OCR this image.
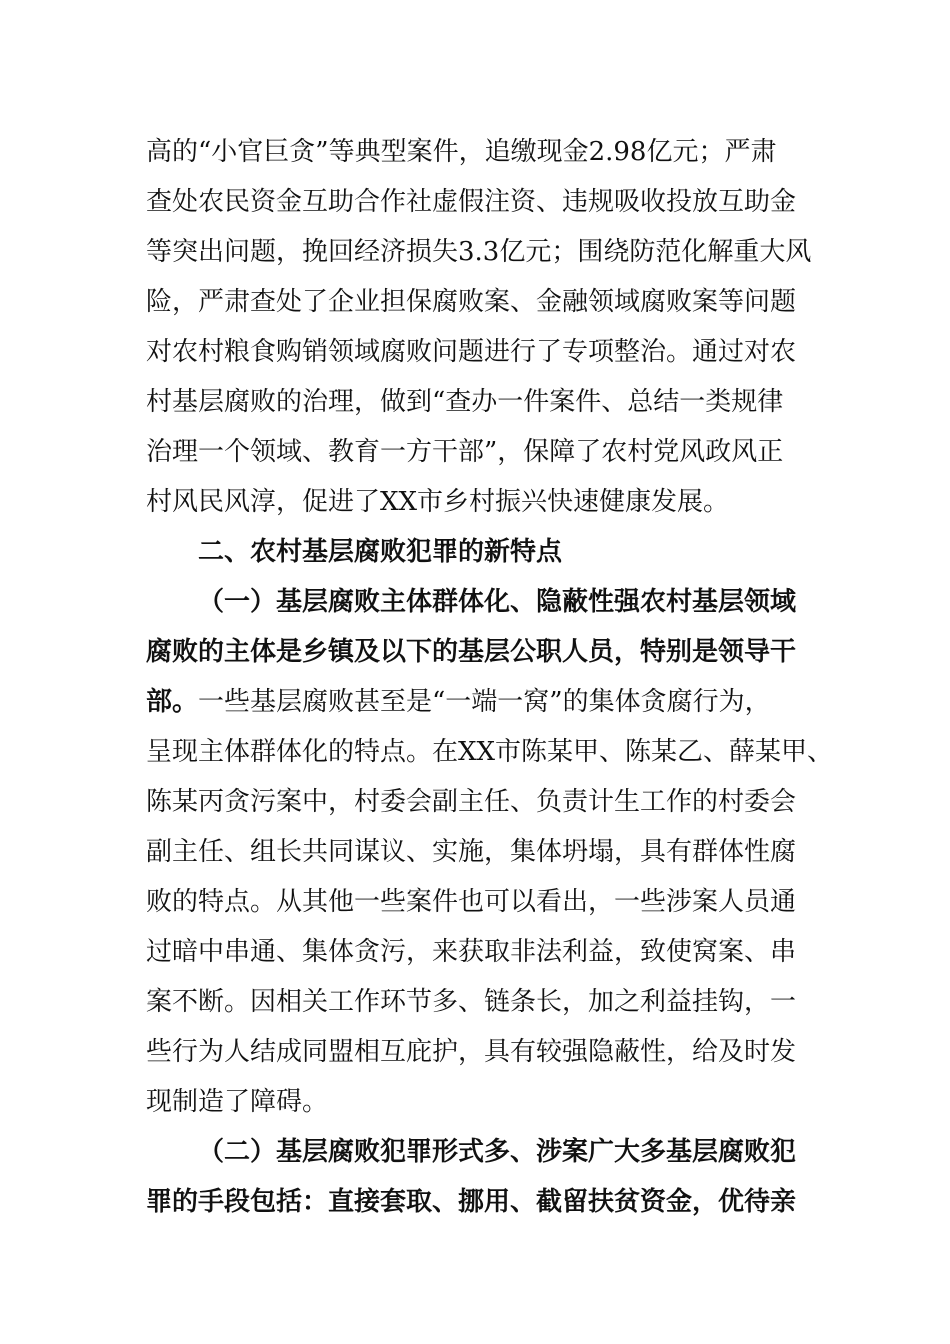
高的“小官巨贪”等典型案件，追缴现金2.98亿元；严肃
查处农民资金互助合作社虚假注资、违规吸收投放互助金
等突出问题，挽回经济损失3.3亿元；围绕防范化解重大风
险，严肃查处了企业担保腐败案、金融领域腐败案等问题
对农村粮食购销领域腐败问题进行了专项整治。通过对农
村基层腐败的治理，做到“查办一件案件、总结一类规律
治理一个领域、教育一方干部”，保障了农村党风政风正
村风民风淳，促进了XX市乡村振兴快速健康发展。
二、农村基层腐败犯罪的新特点
（一）基层腐败主体群体化、隐蔽性强农村基层领域
腐败的主体是乡镇及以下的基层公职人员，特别是领导干
部。一些基层腐败甚至是“一端一窝”的集体贪腐行为，
呈现主体群体化的特点。在XX市陈某甲、陈某乙、薛某甲、
陈某丙贪污案中，村委会副主任、负责计生工作的村委会
副主任、组长共同谋议、实施，集体坍塌，具有群体性腐
败的特点。从其他一些案件也可以看出，一些涉案人员通
过暗中串通、集体贪污，来获取非法利益，致使窝案、串
案不断。因相关工作环节多、链条长，加之利益挂钩，一
些行为人结成同盟相互庇护，具有较强隐蔽性，给及时发
现制造了障碍。
（二）基层腐败犯罪形式多、涉案广大多基层腐败犯
罪的手段包括：直接套取、挪用、截留扶贫资金，优待亲
